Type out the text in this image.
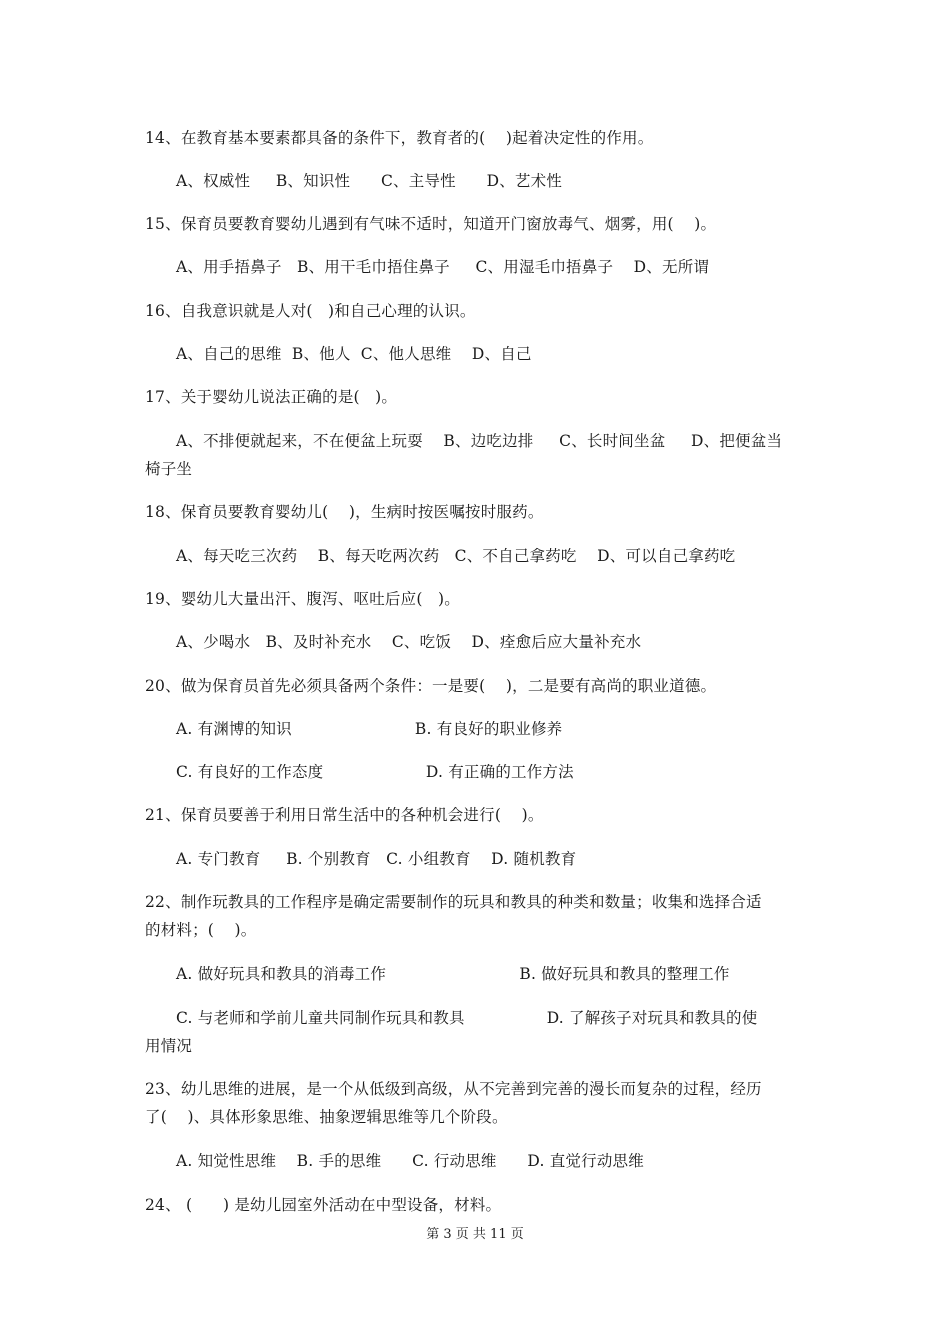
14、在教育基本要素都具备的条件下，教育者的(    )起着决定性的作用。
A、权威性     B、知识性      C、主导性      D、艺术性
15、保育员要教育婴幼儿遇到有气味不适时，知道开门窗放毒气、烟雾，用(    )。
A、用手捂鼻子   B、用干毛巾捂住鼻子     C、用湿毛巾捂鼻子    D、无所谓
16、自我意识就是人对(   )和自己心理的认识。
A、自己的思维  B、他人  C、他人思维    D、自己
17、关于婴幼儿说法正确的是(   )。
A、不排便就起来，不在便盆上玩耍    B、边吃边排     C、长时间坐盆     D、把便盆当
椅子坐
18、保育员要教育婴幼儿(    )，生病时按医嘱按时服药。
A、每天吃三次药    B、每天吃两次药   C、不自己拿药吃    D、可以自己拿药吃
19、婴幼儿大量出汗、腹泻、呕吐后应(   )。
A、少喝水   B、及时补充水    C、吃饭    D、痊愈后应大量补充水
20、做为保育员首先必须具备两个条件：一是要(    )，二是要有高尚的职业道德。
A. 有渊博的知识                        B. 有良好的职业修养
C. 有良好的工作态度                    D. 有正确的工作方法
21、保育员要善于利用日常生活中的各种机会进行(    )。
A. 专门教育     B. 个别教育   C. 小组教育    D. 随机教育
22、制作玩教具的工作程序是确定需要制作的玩具和教具的种类和数量；收集和选择合适
的材料；(    )。
A. 做好玩具和教具的消毒工作                          B. 做好玩具和教具的整理工作
C. 与老师和学前儿童共同制作玩具和教具                D. 了解孩子对玩具和教具的使
用情况
23、幼儿思维的进展，是一个从低级到高级，从不完善到完善的漫长而复杂的过程，经历
了(    )、具体形象思维、抽象逻辑思维等几个阶段。
A. 知觉性思维    B. 手的思维      C. 行动思维      D. 直觉行动思维
24、 (      ) 是幼儿园室外活动在中型设备，材料。
第 3 页 共 11 页
